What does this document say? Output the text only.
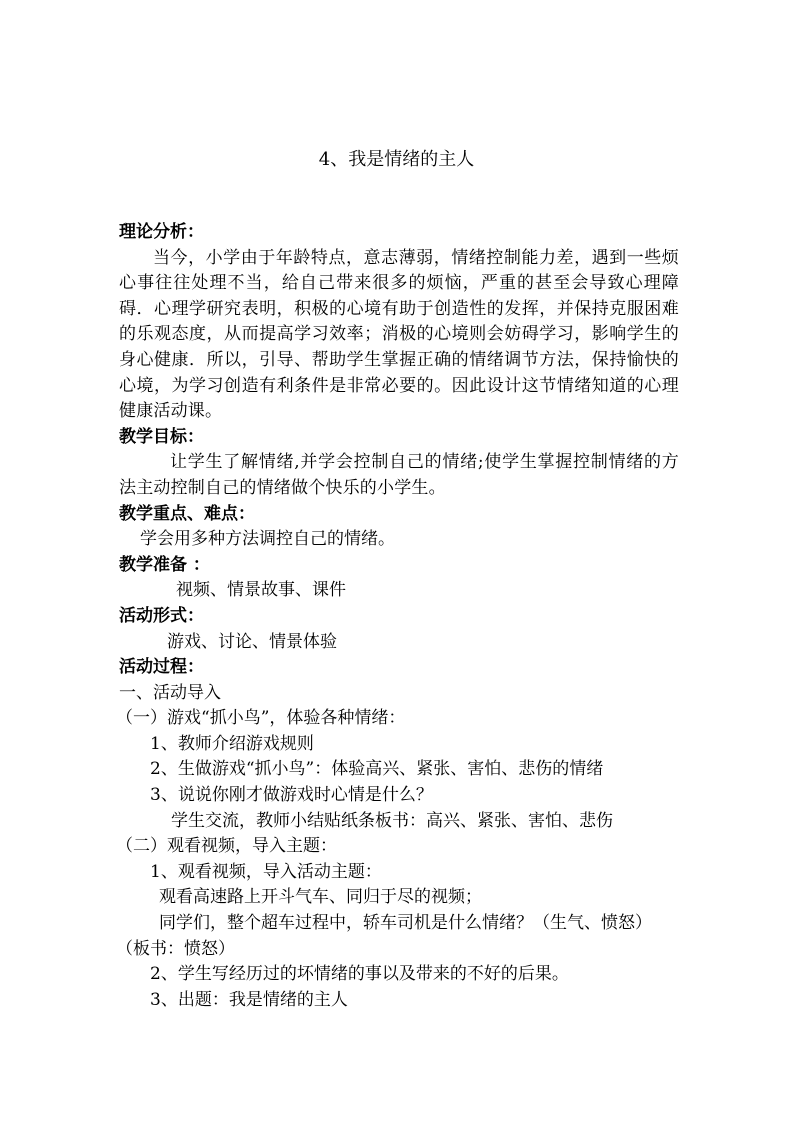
4、我是情绪的主人
理论分析：
当今，小学由于年龄特点，意志薄弱，情绪控制能力差，遇到一些烦心事往往处理不当，给自己带来很多的烦恼，严重的甚至会导致心理障碍．心理学研究表明，积极的心境有助于创造性的发挥，并保持克服困难的乐观态度，从而提高学习效率；消极的心境则会妨碍学习，影响学生的身心健康．所以，引导、帮助学生掌握正确的情绪调节方法，保持愉快的心境，为学习创造有利条件是非常必要的。因此设计这节情绪知道的心理健康活动课。
教学目标：
让学生了解情绪,并学会控制自己的情绪;使学生掌握控制情绪的方法主动控制自己的情绪做个快乐的小学生。
教学重点、难点：
学会用多种方法调控自己的情绪。
教学准备 ：
视频、情景故事、课件
活动形式：
游戏、讨论、情景体验
活动过程：
一、活动导入
（一）游戏“抓小鸟”，体验各种情绪：
1、教师介绍游戏规则
2、生做游戏“抓小鸟”：体验高兴、紧张、害怕、悲伤的情绪
3、说说你刚才做游戏时心情是什么？
学生交流，教师小结贴纸条板书：高兴、紧张、害怕、悲伤
（二）观看视频，导入主题：
1、观看视频，导入活动主题：
观看高速路上开斗气车、同归于尽的视频；
同学们，整个超车过程中，轿车司机是什么情绪？（生气、愤怒）
（板书：愤怒）
2、学生写经历过的坏情绪的事以及带来的不好的后果。
3、出题：我是情绪的主人
